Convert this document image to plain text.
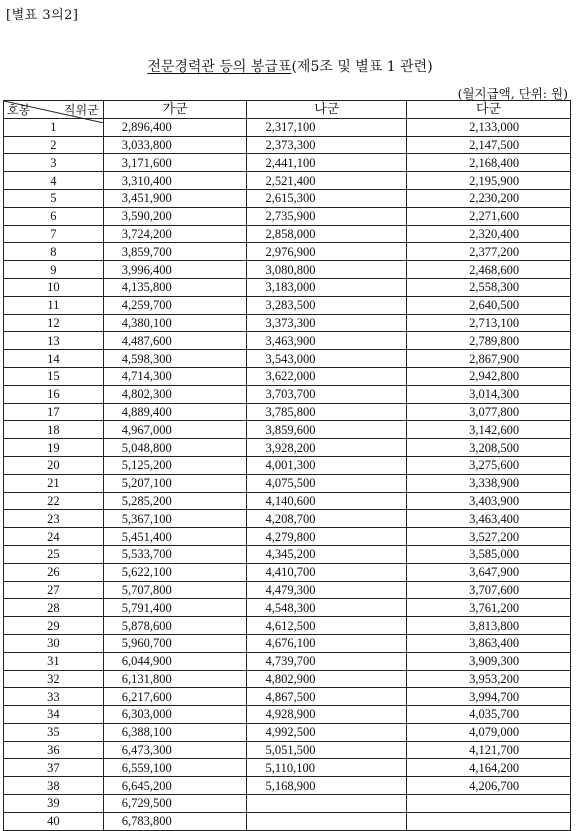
[별표 3의2]
전문경력관 등의 봉급표(제5조 및 별표 1 관련)
(월지급액, 단위: 원)
직위군
호봉	가군	나군	다군
1	2,896,400	2,317,100	2,133,000
2	3,033,800	2,373,300	2,147,500
3	3,171,600	2,441,100	2,168,400
4	3,310,400	2,521,400	2,195,900
5	3,451,900	2,615,300	2,230,200
6	3,590,200	2,735,900	2,271,600
7	3,724,200	2,858,000	2,320,400
8	3,859,700	2,976,900	2,377,200
9	3,996,400	3,080,800	2,468,600
10	4,135,800	3,183,000	2,558,300
11	4,259,700	3,283,500	2,640,500
12	4,380,100	3,373,300	2,713,100
13	4,487,600	3,463,900	2,789,800
14	4,598,300	3,543,000	2,867,900
15	4,714,300	3,622,000	2,942,800
16	4,802,300	3,703,700	3,014,300
17	4,889,400	3,785,800	3,077,800
18	4,967,000	3,859,600	3,142,600
19	5,048,800	3,928,200	3,208,500
20	5,125,200	4,001,300	3,275,600
21	5,207,100	4,075,500	3,338,900
22	5,285,200	4,140,600	3,403,900
23	5,367,100	4,208,700	3,463,400
24	5,451,400	4,279,800	3,527,200
25	5,533,700	4,345,200	3,585,000
26	5,622,100	4,410,700	3,647,900
27	5,707,800	4,479,300	3,707,600
28	5,791,400	4,548,300	3,761,200
29	5,878,600	4,612,500	3,813,800
30	5,960,700	4,676,100	3,863,400
31	6,044,900	4,739,700	3,909,300
32	6,131,800	4,802,900	3,953,200
33	6,217,600	4,867,500	3,994,700
34	6,303,000	4,928,900	4,035,700
35	6,388,100	4,992,500	4,079,000
36	6,473,300	5,051,500	4,121,700
37	6,559,100	5,110,100	4,164,200
38	6,645,200	5,168,900	4,206,700
39	6,729,500		
40	6,783,800		
